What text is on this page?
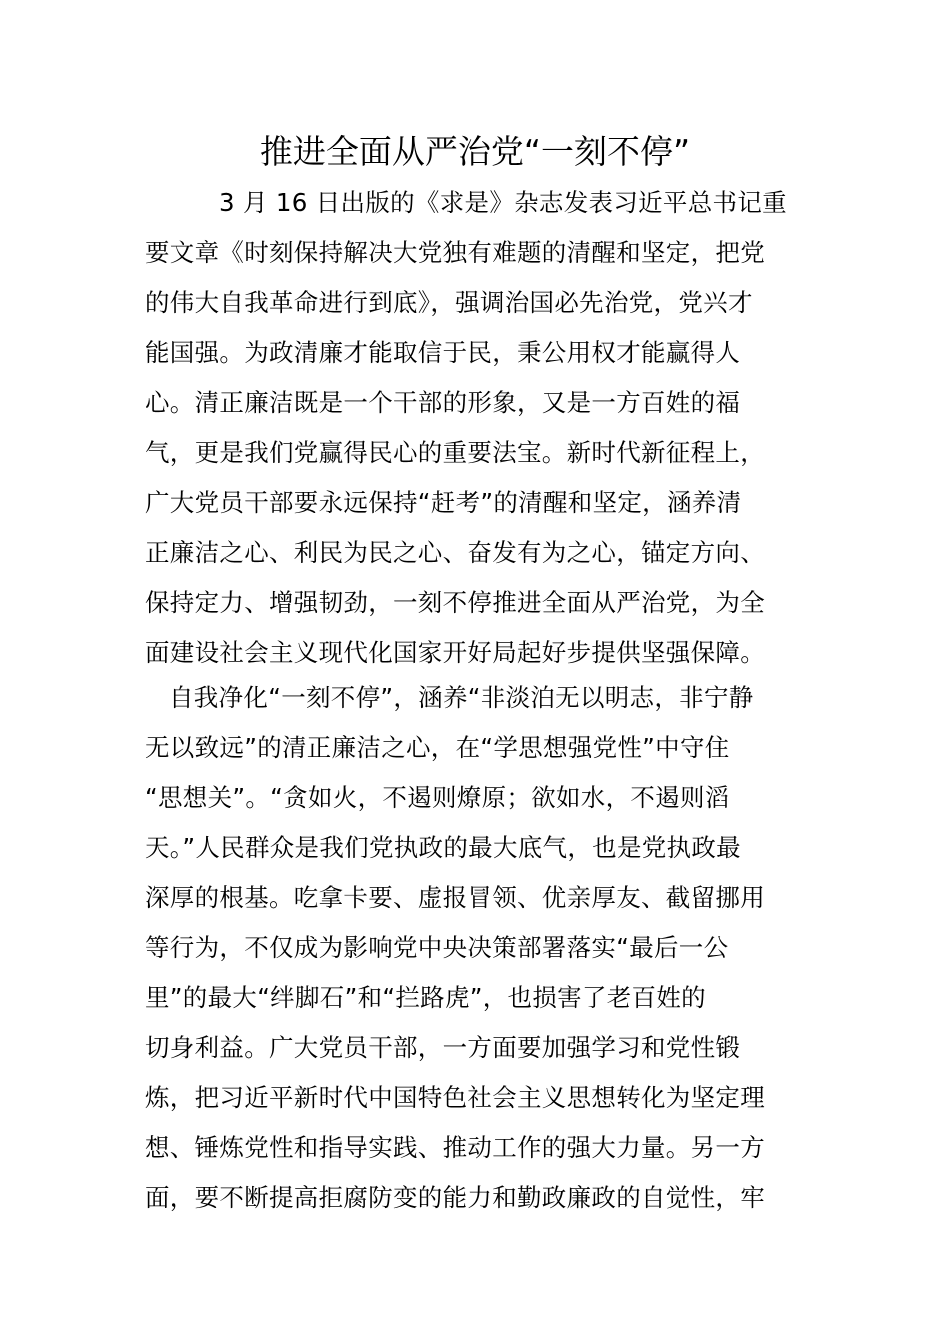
推进全面从严治党“一刻不停”
3 月 16 日出版的《求是》杂志发表习近平总书记重
要文章《时刻保持解决大党独有难题的清醒和坚定，把党
的伟大自我革命进行到底》，强调治国必先治党，党兴才
能国强。为政清廉才能取信于民，秉公用权才能赢得人
心。清正廉洁既是一个干部的形象，又是一方百姓的福
气，更是我们党赢得民心的重要法宝。新时代新征程上，
广大党员干部要永远保持“赶考”的清醒和坚定，涵养清
正廉洁之心、利民为民之心、奋发有为之心，锚定方向、
保持定力、增强韧劲，一刻不停推进全面从严治党，为全
面建设社会主义现代化国家开好局起好步提供坚强保障。
自我净化“一刻不停”，涵养“非淡泊无以明志，非宁静
无以致远”的清正廉洁之心，在“学思想强党性”中守住
“思想关”。“贪如火，不遏则燎原；欲如水，不遏则滔
天。”人民群众是我们党执政的最大底气，也是党执政最
深厚的根基。吃拿卡要、虚报冒领、优亲厚友、截留挪用
等行为，不仅成为影响党中央决策部署落实“最后一公
里”的最大“绊脚石”和“拦路虎”，也损害了老百姓的
切身利益。广大党员干部，一方面要加强学习和党性锻
炼，把习近平新时代中国特色社会主义思想转化为坚定理
想、锤炼党性和指导实践、推动工作的强大力量。另一方
面，要不断提高拒腐防变的能力和勤政廉政的自觉性，牢
